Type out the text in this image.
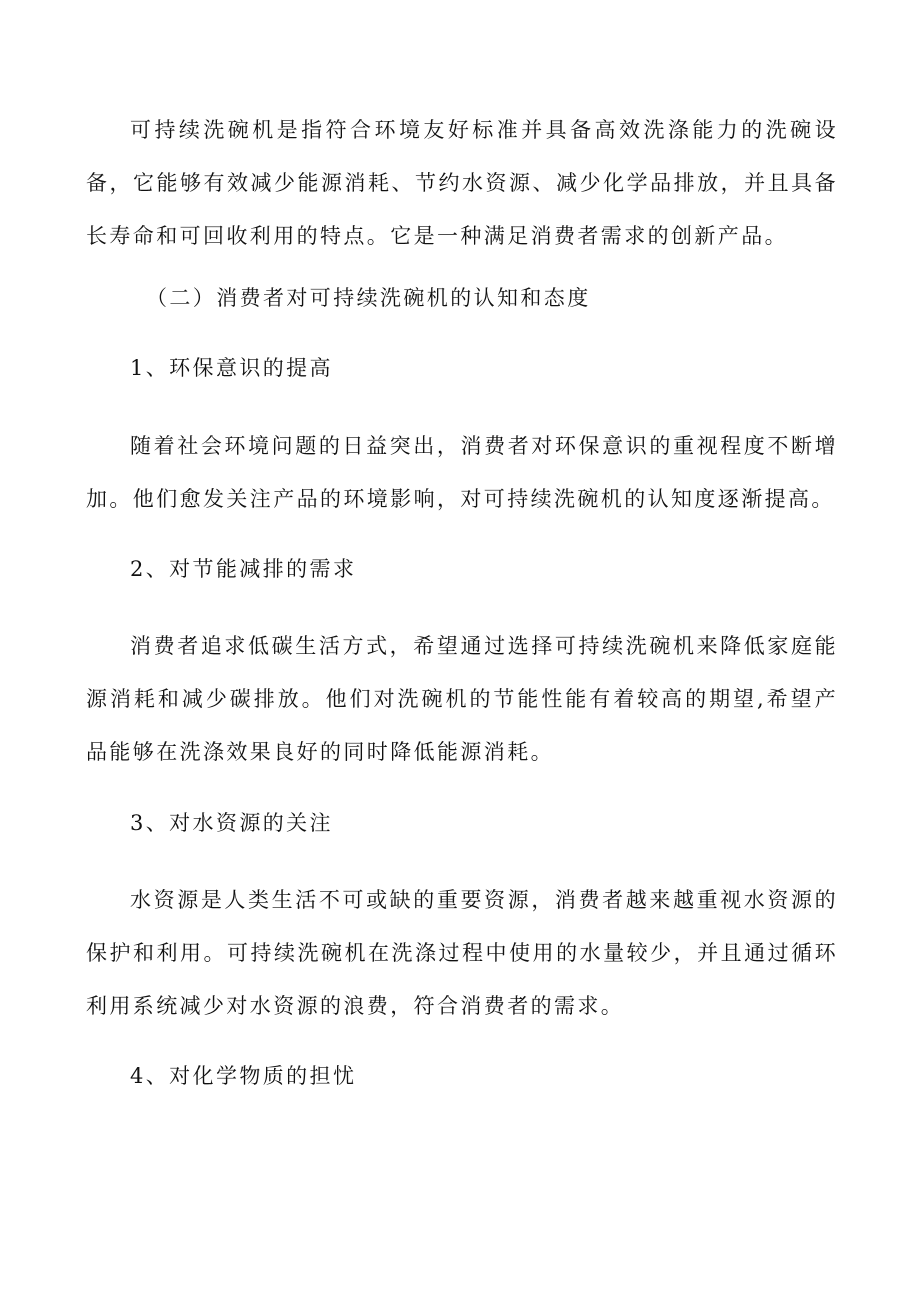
可持续洗碗机是指符合环境友好标准并具备高效洗涤能力的洗碗设备，它能够有效减少能源消耗、节约水资源、减少化学品排放，并且具备长寿命和可回收利用的特点。它是一种满足消费者需求的创新产品。

（二）消费者对可持续洗碗机的认知和态度

1、环保意识的提高

随着社会环境问题的日益突出，消费者对环保意识的重视程度不断增加。他们愈发关注产品的环境影响，对可持续洗碗机的认知度逐渐提高。

2、对节能减排的需求

消费者追求低碳生活方式，希望通过选择可持续洗碗机来降低家庭能源消耗和减少碳排放。他们对洗碗机的节能性能有着较高的期望,希望产品能够在洗涤效果良好的同时降低能源消耗。

3、对水资源的关注

水资源是人类生活不可或缺的重要资源，消费者越来越重视水资源的保护和利用。可持续洗碗机在洗涤过程中使用的水量较少，并且通过循环利用系统减少对水资源的浪费，符合消费者的需求。

4、对化学物质的担忧
